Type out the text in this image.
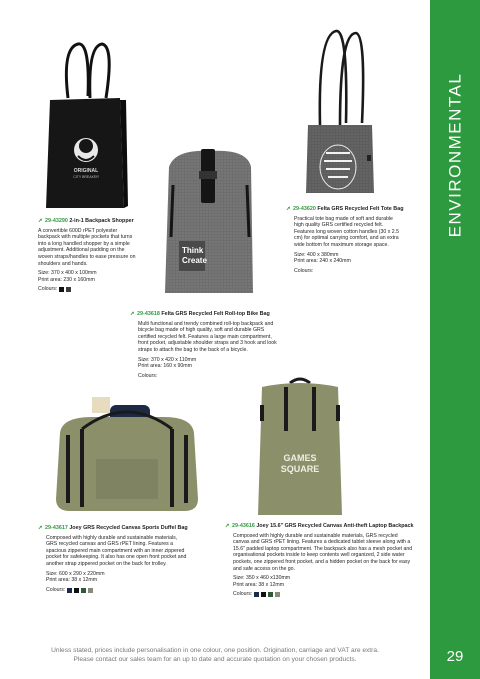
ENVIRONMENTAL
29
ORIGINAL
CITY BREAKER
Think
Create
GAMES
SQUARE
➚ 29-43290 2-in-1 Backpack Shopper

A convertible 600D rPET polyester backpack with multiple pockets that turns into a long handled shopper by a simple adjustment. Additional padding on the woven straps/handles to ease pressure on shoulders and hands.

Size: 370 x 400 x 100mm

Print area: 230 x 160mm

Colours:
➚ 29-43620 Felta GRS Recycled Felt Tote Bag

Practical tote bag made of soft and durable high quality GRS certified recycled felt. Features long woven cotton handles (30 x 2.5 cm) for optimal carrying comfort, and an extra wide bottom for maximum storage space.

Size: 400 x 380mm

Print area: 240 x 240mm

Colours:
➚ 29-43618 Felta GRS Recycled Felt Roll-top Bike Bag

Multi functional and trendy combined roll-top backpack and bicycle bag made of high quality, soft and durable GRS certified recycled felt. Features a large main compartment, front pocket, adjustable shoulder straps and 3 hook and look straps to attach the bag to the back of a bicycle.

Size: 370 x 420 x 110mm

Print area: 160 x 90mm

Colours:
➚ 29-43617 Joey GRS Recycled Canvas Sports Duffel Bag

Composed with highly durable and sustainable materials, GRS recycled canvas and GRS rPET lining. Features a spacious zippered main compartment with an inner zippered pocket for safekeeping. It also has one open front pocket and another strap zippered pocket on the back for trolley.

Size: 600 x 290 x 220mm

Print area: 38 x 12mm

Colours:
➚ 29-43616 Joey 15.6" GRS Recycled Canvas Anti-theft Laptop Backpack

Composed with highly durable and sustainable materials, GRS recycled canvas and GRS rPET lining. Features a dedicated tablet sleeve along with a 15.6" padded laptop compartment. The backpack also has a mesh pocket and organisational pockets inside to keep contents well organized, 2 side water pockets, one zippered front pocket, and a hidden pocket on the back for easy and safe access on the go.

Size: 350 x 460 x130mm

Print area: 38 x 12mm

Colours:
Unless stated, prices include personalisation in one colour, one position. Origination, carriage and VAT are extra.
Please contact our sales team for an up to date and accurate quotation on your chosen products.
